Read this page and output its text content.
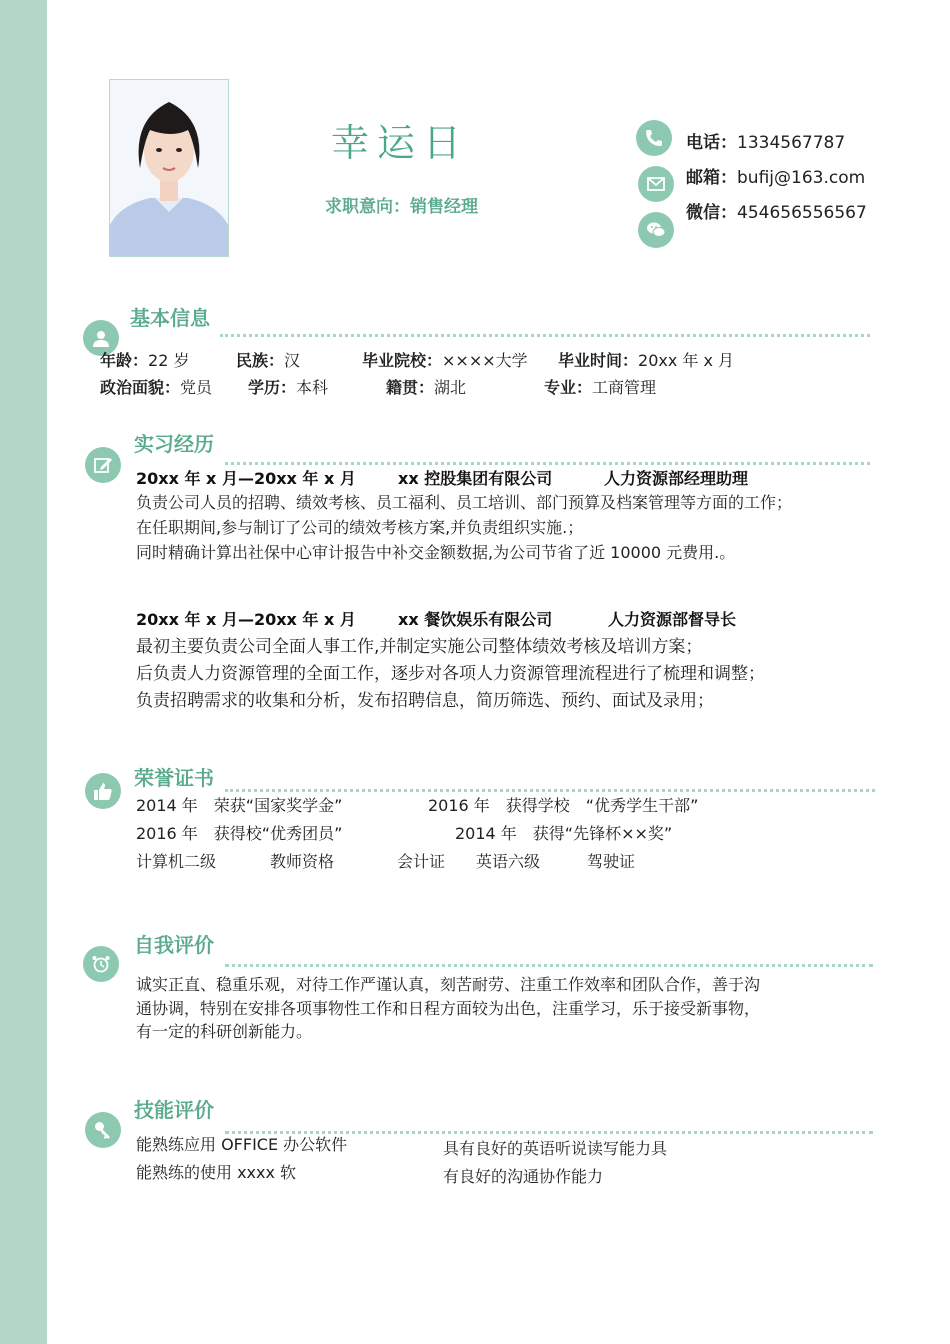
幸运日
求职意向：销售经理
电话：1334567787
邮箱：bufij@163.com
微信：454656556567
基本信息
年龄：22 岁	民族：汉	毕业院校：××××大学 毕业时间：20xx 年 x 月
政治面貌：党员 学历：本科	籍贯：湖北	专业：工商管理
实习经历
20xx 年 x 月—20xx 年 x 月	xx 控股集团有限公司	人力资源部经理助理
负责公司人员的招聘、绩效考核、员工福利、员工培训、部门预算及档案管理等方面的工作；
在任职期间,参与制订了公司的绩效考核方案,并负责组织实施.；
同时精确计算出社保中心审计报告中补交金额数据,为公司节省了近 10000 元费用.。
20xx 年 x 月—20xx 年 x 月	xx 餐饮娱乐有限公司	人力资源部督导长
最初主要负责公司全面人事工作,并制定实施公司整体绩效考核及培训方案；
后负责人力资源管理的全面工作，逐步对各项人力资源管理流程进行了梳理和调整；
负责招聘需求的收集和分析，发布招聘信息，简历筛选、预约、面试及录用；
荣誉证书
2014 年　荣获“国家奖学金”	2016 年　获得学校　“优秀学生干部”
2016 年　获得校“优秀团员”	2014 年　获得“先锋杯××奖”
计算机二级	教师资格	会计证 英语六级	驾驶证
自我评价
诚实正直、稳重乐观，对待工作严谨认真，刻苦耐劳、注重工作效率和团队合作，善于沟
通协调，特别在安排各项事物性工作和日程方面较为出色，注重学习，乐于接受新事物，
有一定的科研创新能力。
技能评价
能熟练应用 OFFICE 办公软件	具有良好的英语听说读写能力具
能熟练的使用 xxxx 软	有良好的沟通协作能力
